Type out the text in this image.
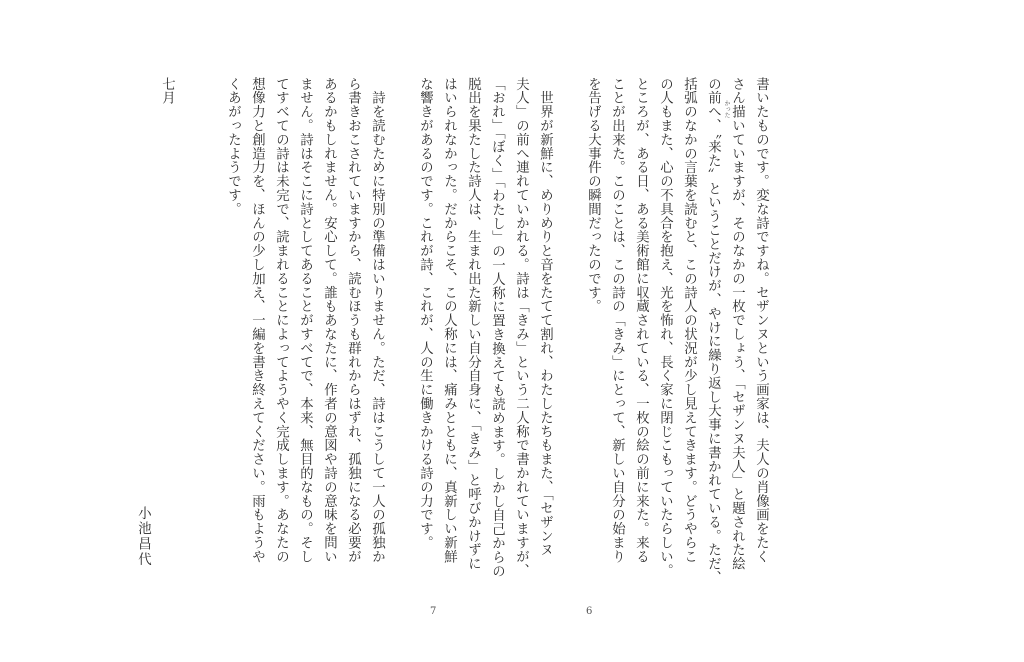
書いたものです。変な詩ですね。セザンヌという画家は、夫人の肖像画をたく
さん描いていますが、そのなかの一枚でしょう、「セザンヌ夫人」と題された絵
の前へ、〝来た〟ということだけが、やけに繰り返し大事に書かれている。ただ、
括弧のなかの言葉を読むと、この詩人の状況が少し見えてきます。どうやらこ
の人もまた、心の不具合を抱え、光を怖れ、長く家に閉じこもっていたらしい。
ところが、ある日、ある美術館に収蔵されている、一枚の絵の前に来た。来る
ことが出来た。このことは、この詩の「きみ」にとって、新しい自分の始まり
を告げる大事件の瞬間だったのです。
　世界が新鮮に、めりめりと音をたてて割れ、わたしたちもまた、「セザンヌ
夫人」の前へ連れていかれる。詩は「きみ」という二人称で書かれていますが、
「おれ」「ぼく」「わたし」の一人称に置き換えても読めます。しかし自己からの
脱出を果たした詩人は、生まれ出た新しい自分自身に、「きみ」と呼びかけずに
はいられなかった。だからこそ、この人称には、痛みとともに、真新しい新鮮	かった
6
な響きがあるのです。これが詩、これが、人の生に働きかける詩の力です。
　詩を読むために特別の準備はいりません。ただ、詩はこうして一人の孤独か
ら書きおこされていますから、読むほうも群れからはずれ、孤独になる必要が
あるかもしれません。安心して。誰もあなたに、作者の意図や詩の意味を問い
ません。詩はそこに詩としてあることがすべてで、本来、無目的なもの。そし
てすべての詩は未完で、読まれることによってようやく完成します。あなたの
想像力と創造力を、ほんの少し加え、一編を書き終えてください。雨もようや
くあがったようです。
七月
小池昌代
7
